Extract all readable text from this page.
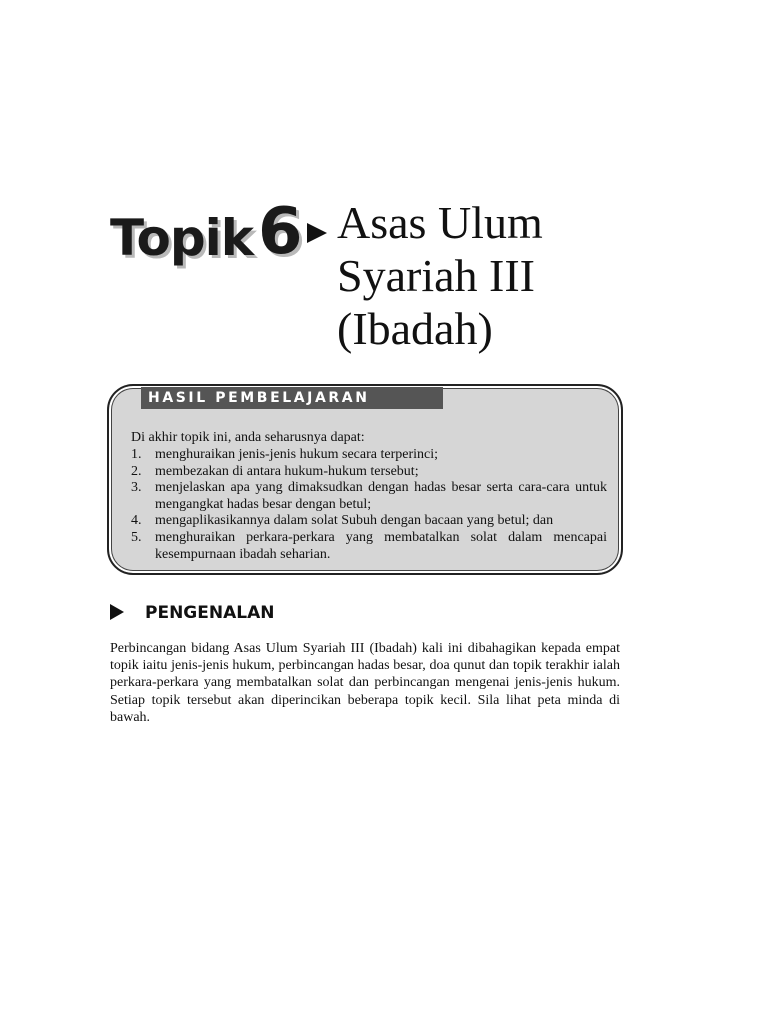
Topik 6 Asas Ulum
Syariah III
(Ibadah)
HASIL PEMBELAJARAN
Di akhir topik ini, anda seharusnya dapat:
1. menghuraikan jenis-jenis hukum secara terperinci;
2. membezakan di antara hukum-hukum tersebut;
3. menjelaskan apa yang dimaksudkan dengan hadas besar serta cara-cara untuk mengangkat hadas besar dengan betul;
4. mengaplikasikannya dalam solat Subuh dengan bacaan yang betul; dan
5. menghuraikan perkara-perkara yang membatalkan solat dalam mencapai kesempurnaan ibadah seharian.
PENGENALAN

Perbincangan bidang Asas Ulum Syariah III (Ibadah) kali ini dibahagikan kepada empat topik iaitu jenis-jenis hukum, perbincangan hadas besar, doa qunut dan topik terakhir ialah perkara-perkara yang membatalkan solat dan perbincangan mengenai jenis-jenis hukum. Setiap topik tersebut akan diperincikan beberapa topik kecil. Sila lihat peta minda di bawah.
